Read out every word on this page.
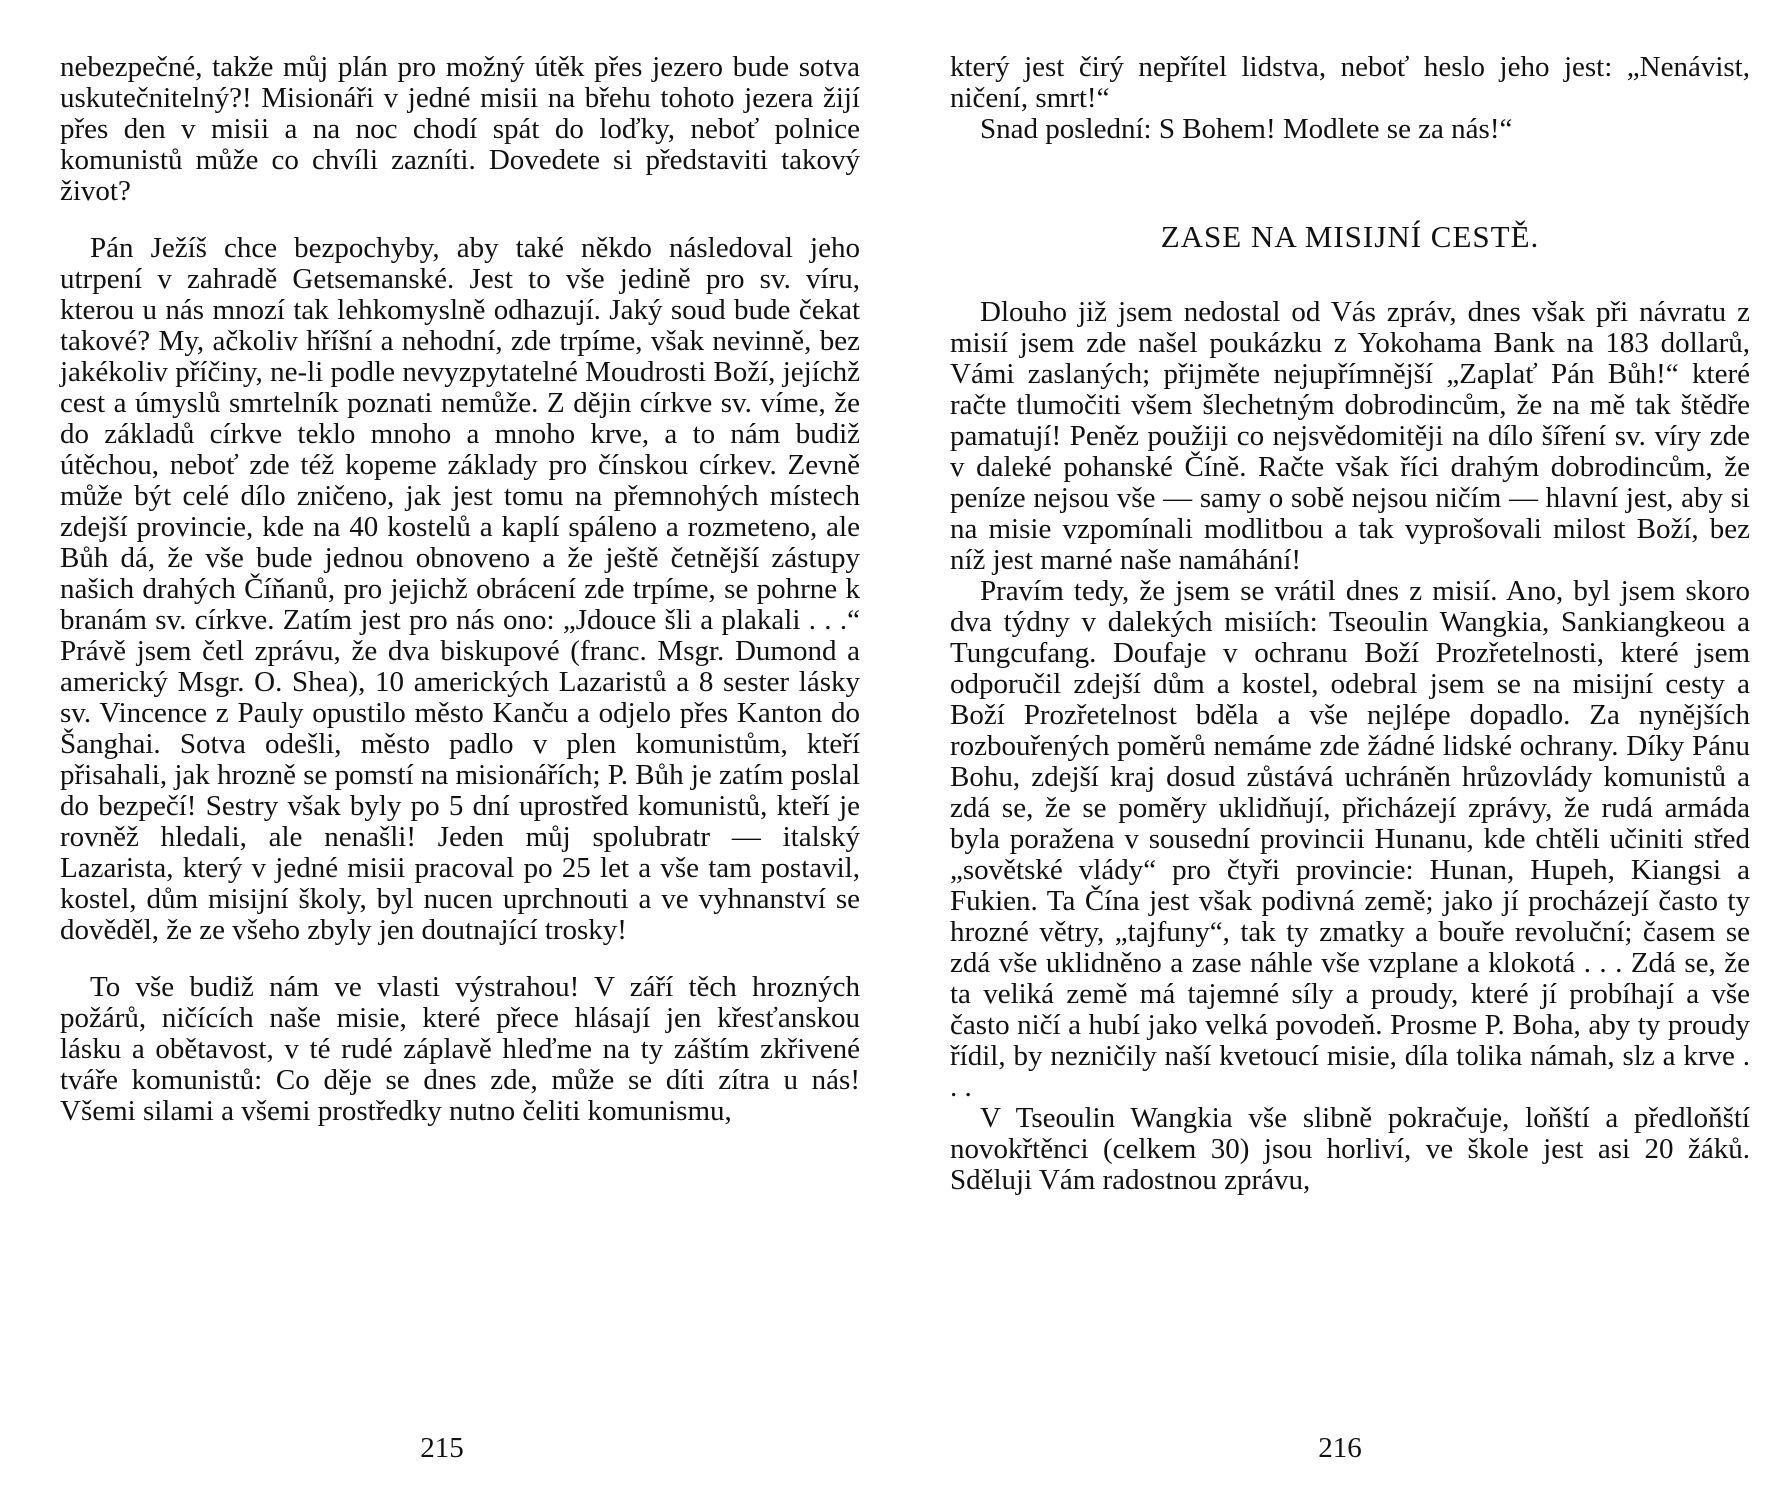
nebezpečné, takže můj plán pro možný útěk přes jezero bude sotva uskutečnitelný?! Misionáři v jedné misii na břehu tohoto jezera žijí přes den v misii a na noc chodí spát do loďky, neboť polnice komunistů může co chvíli zazníti. Dovedete si představiti takový život?

Pán Ježíš chce bezpochyby, aby také někdo následoval jeho utrpení v zahradě Getsemanské. Jest to vše jedině pro sv. víru, kterou u nás mnozí tak lehkomyslně odhazují. Jaký soud bude čekat takové? My, ačkoliv hříšní a nehodní, zde trpíme, však nevinně, bez jakékoliv příčiny, ne-li podle nevyzpytatelné Moudrosti Boží, jejíchž cest a úmyslů smrtelník poznati nemůže. Z dějin církve sv. víme, že do základů církve teklo mnoho a mnoho krve, a to nám budiž útěchou, neboť zde též kopeme základy pro čínskou církev. Zevně může být celé dílo zničeno, jak jest tomu na přemnohých místech zdejší provincie, kde na 40 kostelů a kaplí spáleno a rozmeteno, ale Bůh dá, že vše bude jednou obnoveno a že ještě četnější zástupy našich drahých Číňanů, pro jejichž obrácení zde trpíme, se pohrne k branám sv. církve. Zatím jest pro nás ono: „Jdouce šli a plakali . . .“ Právě jsem četl zprávu, že dva biskupové (franc. Msgr. Dumond a americký Msgr. O. Shea), 10 amerických Lazaristů a 8 sester lásky sv. Vincence z Pauly opustilo město Kanču a odjelo přes Kanton do Šanghai. Sotva odešli, město padlo v plen komunistům, kteří přisahali, jak hrozně se pomstí na misionářích; P. Bůh je zatím poslal do bezpečí! Sestry však byly po 5 dní uprostřed komunistů, kteří je rovněž hledali, ale nenašli! Jeden můj spolubratr — italský Lazarista, který v jedné misii pracoval po 25 let a vše tam postavil, kostel, dům misijní školy, byl nucen uprchnouti a ve vyhnanství se dověděl, že ze všeho zbyly jen doutnající trosky!

To vše budiž nám ve vlasti výstrahou! V září těch hrozných požárů, ničících naše misie, které přece hlásají jen křesťanskou lásku a obětavost, v té rudé záplavě hleďme na ty záštím zkřivené tváře komunistů: Co děje se dnes zde, může se díti zítra u nás! Všemi silami a všemi prostředky nutno čeliti komunismu,

215

který jest čirý nepřítel lidstva, neboť heslo jeho jest: „Nenávist, ničení, smrt!“

Snad poslední: S Bohem! Modlete se za nás!“

ZASE NA MISIJNÍ CESTĚ.

Dlouho již jsem nedostal od Vás zpráv, dnes však při návratu z misií jsem zde našel poukázku z Yokohama Bank na 183 dollarů, Vámi zaslaných; přijměte nejupřímnější „Zaplať Pán Bůh!“ které račte tlumočiti všem šlechetným dobrodincům, že na mě tak štědře pamatují! Peněz použiji co nejsvědomitěji na dílo šíření sv. víry zde v daleké pohanské Číně. Račte však říci drahým dobrodincům, že peníze nejsou vše — samy o sobě nejsou ničím — hlavní jest, aby si na misie vzpomínali modlitbou a tak vyprošovali milost Boží, bez níž jest marné naše namáhání!

Pravím tedy, že jsem se vrátil dnes z misií. Ano, byl jsem skoro dva týdny v dalekých misiích: Tseoulin Wangkia, Sankiangkeou a Tungcufang. Doufaje v ochranu Boží Prozřetelnosti, které jsem odporučil zdejší dům a kostel, odebral jsem se na misijní cesty a Boží Prozřetelnost bděla a vše nejlépe dopadlo. Za nynějších rozbouřených poměrů nemáme zde žádné lidské ochrany. Díky Pánu Bohu, zdejší kraj dosud zůstává uchráněn hrůzovlády komunistů a zdá se, že se poměry uklidňují, přicházejí zprávy, že rudá armáda byla poražena v sousední provincii Hunanu, kde chtěli učiniti střed „sovětské vlády“ pro čtyři provincie: Hunan, Hupeh, Kiangsi a Fukien. Ta Čína jest však podivná země; jako jí procházejí často ty hrozné větry, „tajfuny“, tak ty zmatky a bouře revoluční; časem se zdá vše uklidněno a zase náhle vše vzplane a klokotá . . . Zdá se, že ta veliká země má tajemné síly a proudy, které jí probíhají a vše často ničí a hubí jako velká povodeň. Prosme P. Boha, aby ty proudy řídil, by nezničily naší kvetoucí misie, díla tolika námah, slz a krve . . .

V Tseoulin Wangkia vše slibně pokračuje, loňští a předloňští novokřtěnci (celkem 30) jsou horliví, ve škole jest asi 20 žáků. Sděluji Vám radostnou zprávu,

216
